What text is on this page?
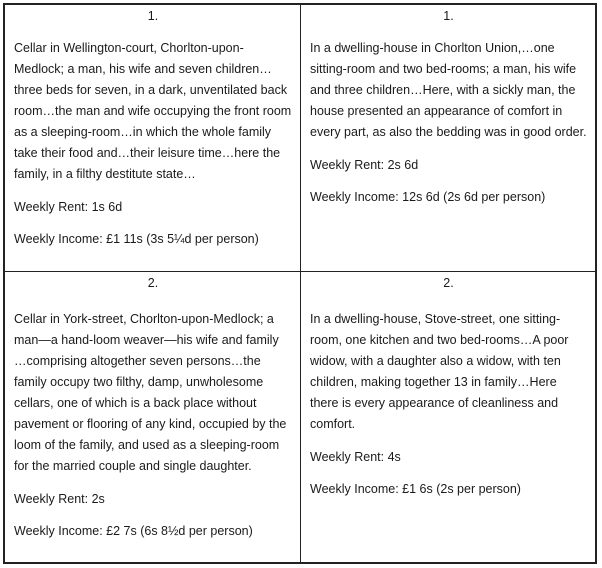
1.
Cellar in Wellington-court, Chorlton-upon-Medlock; a man, his wife and seven children…three beds for seven, in a dark, unventilated back room…the man and wife occupying the front room as a sleeping-room…in which the whole family take their food and…their leisure time…here the family, in a filthy destitute state…
Weekly Rent: 1s 6d
Weekly Income: £1 11s (3s 5¼d per person)
1.
In a dwelling-house in Chorlton Union,…one sitting-room and two bed-rooms; a man, his wife and three children…Here, with a sickly man, the house presented an appearance of comfort in every part, as also the bedding was in good order.
Weekly Rent: 2s 6d
Weekly Income: 12s 6d (2s 6d per person)
2.
Cellar in York-street, Chorlton-upon-Medlock; a man—a hand-loom weaver—his wife and family …comprising altogether seven persons…the family occupy two filthy, damp, unwholesome cellars, one of which is a back place without pavement or flooring of any kind, occupied by the loom of the family, and used as a sleeping-room for the married couple and single daughter.
Weekly Rent: 2s
Weekly Income: £2 7s (6s 8½d per person)
2.
In a dwelling-house, Stove-street, one sitting-room, one kitchen and two bed-rooms…A poor widow, with a daughter also a widow, with ten children, making together 13 in family…Here there is every appearance of cleanliness and comfort.
Weekly Rent: 4s
Weekly Income: £1 6s (2s per person)
